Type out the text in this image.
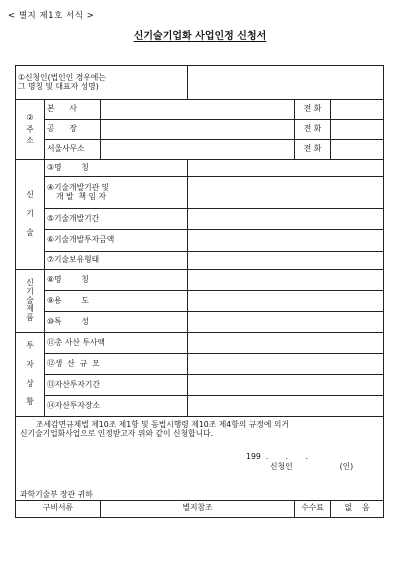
< 별지 제1호 서식 >
신기술기업화 사업인정 신청서
①신청인(법인인 경우에는
그 명칭 및 대표자 성명)					

②
주
소	본      사			전 화	
	공      장			전 화	
	서울사무소			전 화	

신
기
술	③명        칭				

	④기술개발기관 및
개 발  책 임 자				

	⑤기술개발기간				
	⑥기술개발투자금액				
	⑦기술보유형태				

신
기
술
제
품	⑧명        칭				
	⑨용        도				
	⑩특        성				

투
자
상
황	⑪총 사산 투사액				
	⑫생  산  규  모				
	⑬자산투자기간				
	⑭자산투자장소				

조세감면규제법 제10조 제1항 및 동법시행령 제10조 제4항의 규정에 의거
신기술기업화사업으로 인정받고자 위와 같이 신청합니다.
199  .       .       .
신청인 (인)
과학기술부 장관 귀하					

구비서류		별지참조		수수료	없    음
